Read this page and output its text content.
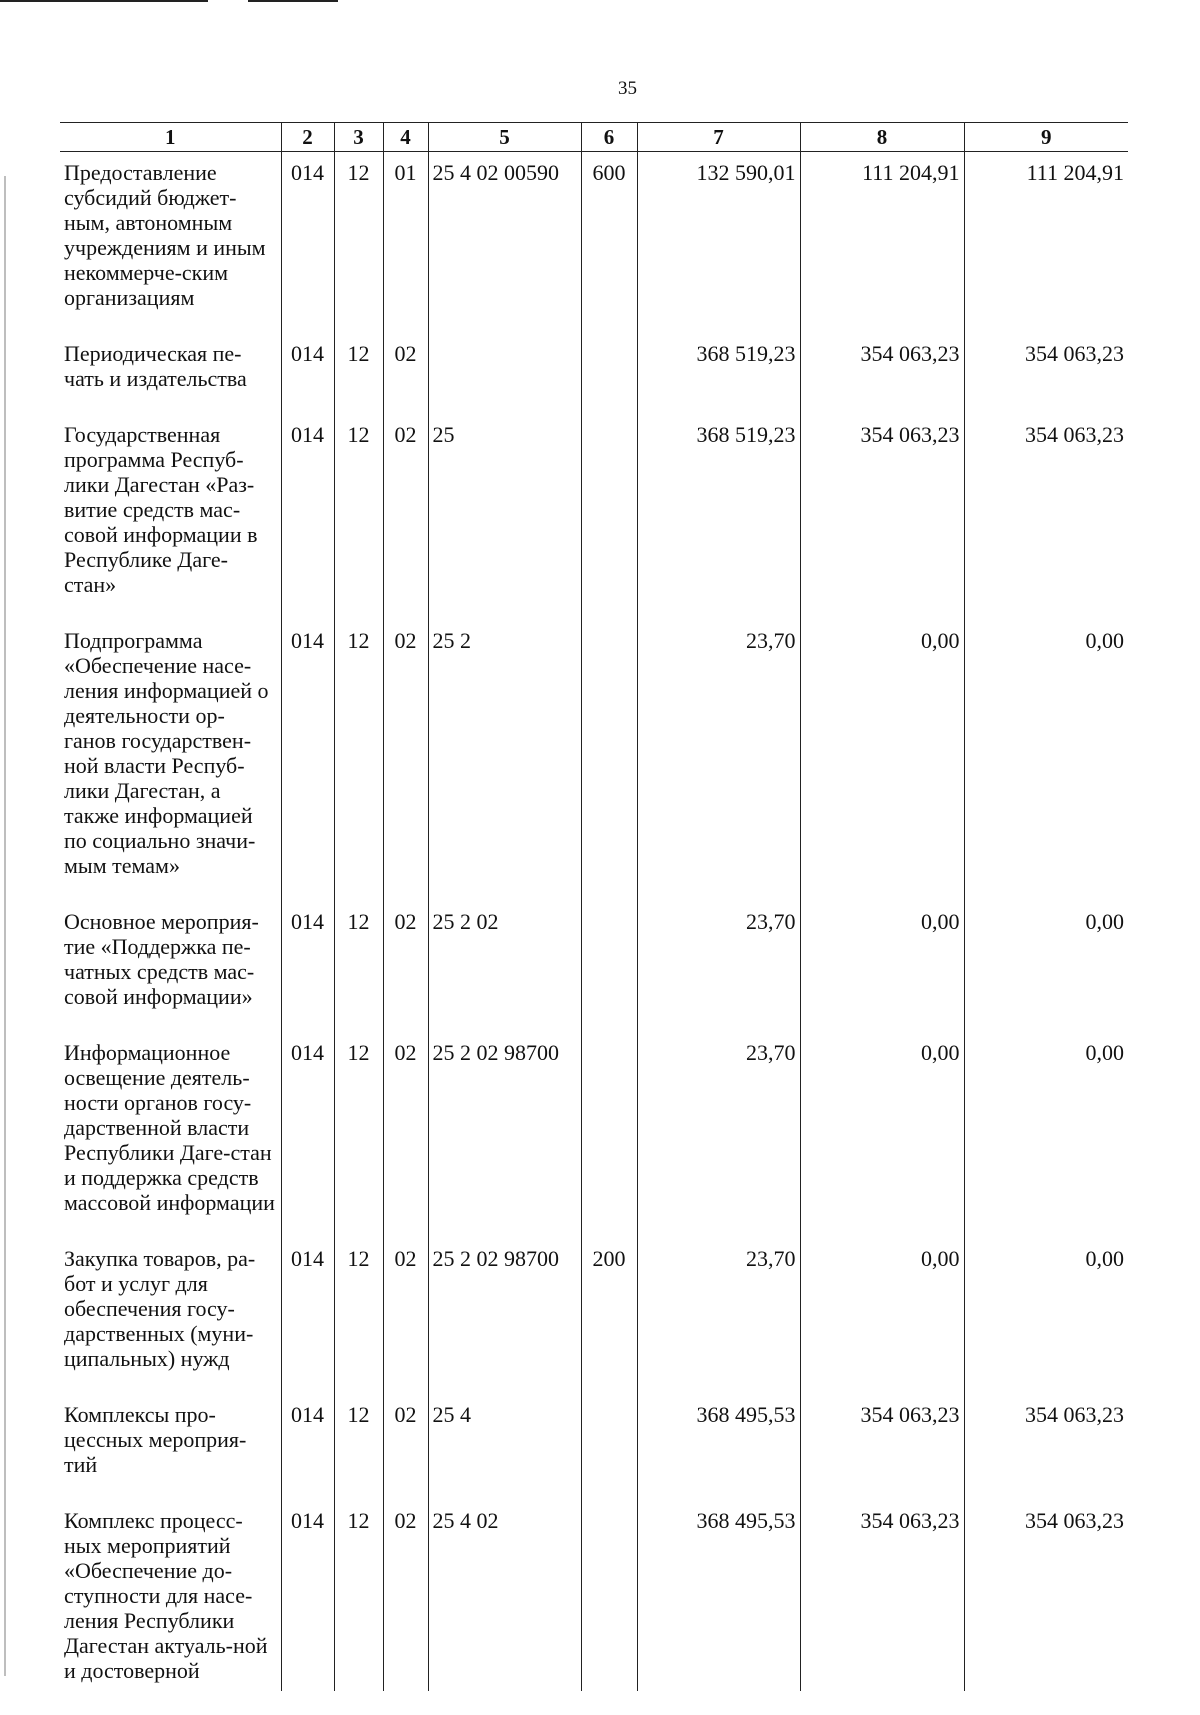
35
1	2	3	4	5	6	7	8	9
Предоставление субсидий бюджет-ным, автономным учреждениям и иным некоммерче-ским организациям	014	12	01	25 4 02 00590	600	132 590,01	111 204,91	111 204,91
Периодическая пе-чать и издательства	014	12	02			368 519,23	354 063,23	354 063,23
Государственная программа Респуб-лики Дагестан «Раз-витие средств мас-совой информации в Республике Даге-стан»	014	12	02	25		368 519,23	354 063,23	354 063,23
Подпрограмма «Обеспечение насе-ления информацией о деятельности ор-ганов государствен-ной власти Респуб-лики Дагестан, а также информацией по социально значи-мым темам»	014	12	02	25 2		23,70	0,00	0,00
Основное мероприя-тие «Поддержка пе-чатных средств мас-совой информации»	014	12	02	25 2 02		23,70	0,00	0,00
Информационное освещение деятель-ности органов госу-дарственной власти Республики Даге-стан и поддержка средств массовой информации	014	12	02	25 2 02 98700		23,70	0,00	0,00
Закупка товаров, ра-бот и услуг для обеспечения госу-дарственных (муни-ципальных) нужд	014	12	02	25 2 02 98700	200	23,70	0,00	0,00
Комплексы про-цессных мероприя-тий	014	12	02	25 4		368 495,53	354 063,23	354 063,23
Комплекс процесс-ных мероприятий «Обеспечение до-ступности для насе-ления Республики Дагестан актуаль-ной и достоверной	014	12	02	25 4 02		368 495,53	354 063,23	354 063,23
